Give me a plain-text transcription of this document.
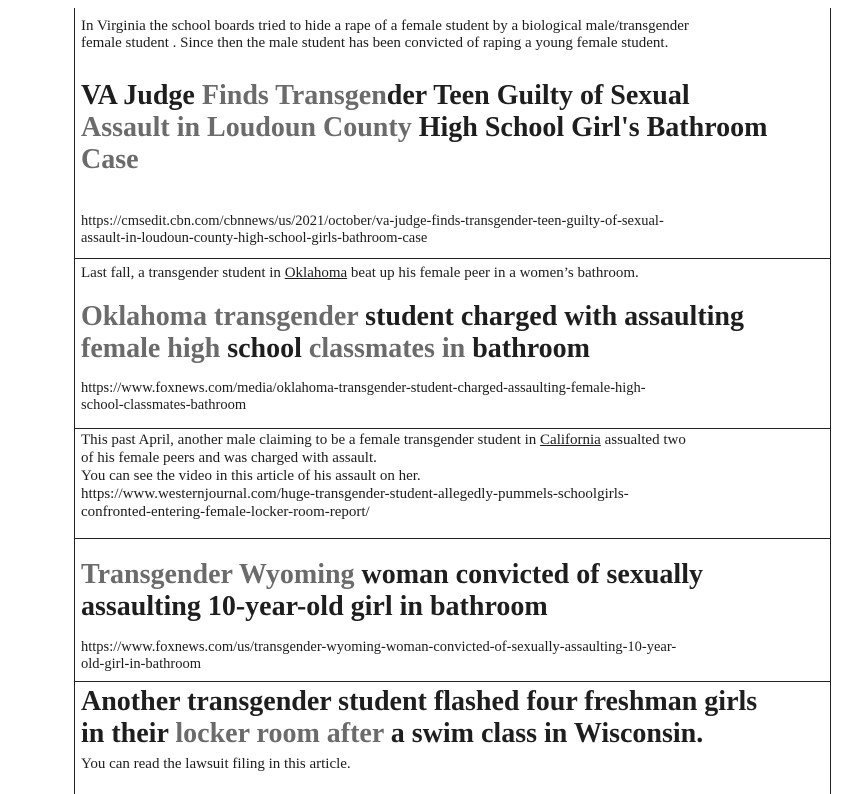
In Virginia the school boards tried to hide a rape of a female student by a biological male/transgender
female student . Since then the male student has been convicted of raping a young female student.

VA Judge Finds Transgender Teen Guilty of Sexual
Assault in Loudoun County High School Girl's Bathroom
Case

https://cmsedit.cbn.com/cbnnews/us/2021/october/va-judge-finds-transgender-teen-guilty-of-sexual-
assault-in-loudoun-county-high-school-girls-bathroom-case

Last fall, a transgender student in Oklahoma beat up his female peer in a women’s bathroom.

Oklahoma transgender student charged with assaulting
female high school classmates in bathroom

https://www.foxnews.com/media/oklahoma-transgender-student-charged-assaulting-female-high-
school-classmates-bathroom

This past April, another male claiming to be a female transgender student in California assualted two
of his female peers and was charged with assault.
You can see the video in this article of his assault on her.
https://www.westernjournal.com/huge-transgender-student-allegedly-pummels-schoolgirls-
confronted-entering-female-locker-room-report/

Transgender Wyoming woman convicted of sexually
assaulting 10-year-old girl in bathroom

https://www.foxnews.com/us/transgender-wyoming-woman-convicted-of-sexually-assaulting-10-year-
old-girl-in-bathroom

Another transgender student flashed four freshman girls
in their locker room after a swim class in Wisconsin.

You can read the lawsuit filing in this article.
